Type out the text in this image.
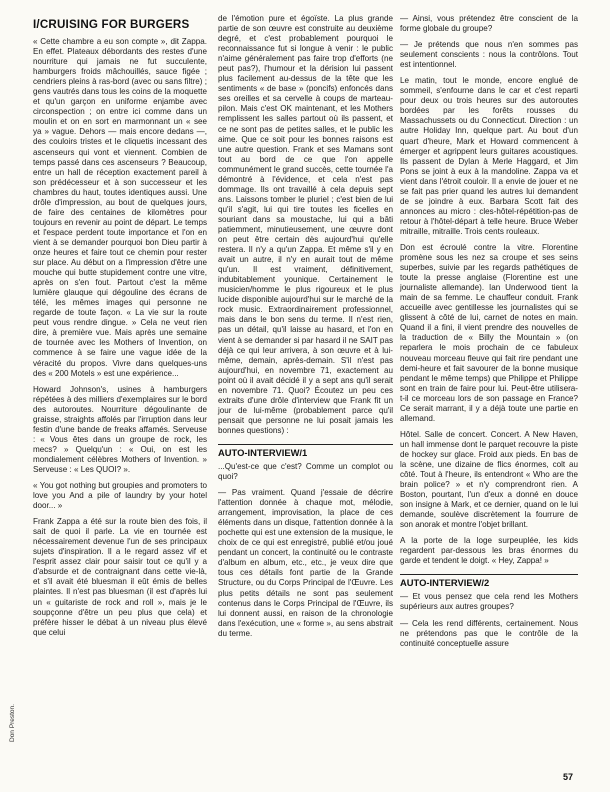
I/CRUISING FOR BURGERS

« Cette chambre a eu son compte », dit Zappa. En effet. Plateaux débordants des restes d'une nourriture qui jamais ne fut succulente, hamburgers froids mâchouillés, sauce figée ; cendriers pleins à ras-bord (avec ou sans filtre) ; gens vautrés dans tous les coins de la moquette et qu'un garçon en uniforme enjambe avec circonspection ; on entre ici comme dans un moulin et on en sort en marmonnant un « see ya » vague. Dehors — mais encore dedans —, des couloirs tristes et le cliquetis incessant des ascenseurs qui vont et viennent. Combien de temps passé dans ces ascenseurs ? Beaucoup, entre un hall de réception exactement pareil à son prédécesseur et à son successeur et les chambres du haut, toutes identiques aussi. Une drôle d'impression, au bout de quelques jours, de faire des centaines de kilomètres pour toujours en revenir au point de départ. Le temps et l'espace perdent toute importance et l'on en vient à se demander pourquoi bon Dieu partir à onze heures et faire tout ce chemin pour rester sur place. Au début on a l'impression d'être une mouche qui butte stupidement contre une vitre, après on s'en fout. Partout c'est la même lumière glauque qui dégouline des écrans de télé, les mêmes images qui personne ne regarde de toute façon. « La vie sur la route peut vous rendre dingue. » Cela ne veut rien dire, à première vue. Mais après une semaine de tournée avec les Mothers of Invention, on commence à se faire une vague idée de la véracité du propos. Vivre dans quelques-uns des « 200 Motels » est une expérience...

Howard Johnson's, usines à hamburgers répétées à des milliers d'exemplaires sur le bord des autoroutes. Nourriture dégoulinante de graisse, straights affolés par l'irruption dans leur festin d'une bande de freaks affamés. Serveuse : « Vous êtes dans un groupe de rock, les mecs? » Quelqu'un : « Oui, on est les mondialement célèbres Mothers of Invention. » Serveuse : « Les QUOI? ».

« You got nothing but groupies and promoters to love you And a pile of laundry by your hotel door... »

Frank Zappa a été sur la route bien des fois, il sait de quoi il parle. La vie en tournée est nécessairement devenue l'un de ses principaux sujets d'inspiration. Il a le regard assez vif et l'esprit assez clair pour saisir tout ce qu'il y a d'absurde et de contraignant dans cette vie-là, et s'il avait été bluesman il eût émis de belles plaintes. Il n'est pas bluesman (il est d'après lui un « guitariste de rock and roll », mais je le soupçonne d'être un peu plus que cela) et préfère hisser le débat à un niveau plus élevé que celui

de l'émotion pure et égoïste. La plus grande partie de son œuvre est construite au deuxième degré, et c'est probablement pourquoi le reconnaissance fut si longue à venir : le public n'aime généralement pas faire trop d'efforts (ne peut pas?), l'humour et la dérision lui passent plus facilement au-dessus de la tête que les sentiments « de base » (poncifs) enfoncés dans ses oreilles et sa cervelle à coups de marteau-pilon. Mais c'est OK maintenant, et les Mothers remplissent les salles partout où ils passent, et ce ne sont pas de petites salles, et le public les aime. Que ce soit pour les bonnes raisons est une autre question. Frank et ses Mamans sont tout au bord de ce que l'on appelle communément le grand succès, cette tournée l'a démontré à l'évidence, et cela n'est pas dommage. Ils ont travaillé à cela depuis sept ans. Laissons tomber le pluriel ; c'est bien de lui qu'il s'agit, lui qui tire toutes les ficelles en souriant dans sa moustache, lui qui a bâti patiemment, minutieusement, une œuvre dont on peut être certain dès aujourd'hui qu'elle restera. Il n'y a qu'un Zappa. Et même s'il y en avait un autre, il n'y en aurait tout de même qu'un. Il est vraiment, définitivement, indubitablement younique. Certainement le musicien/homme le plus rigoureux et le plus lucide disponible aujourd'hui sur le marché de la rock music. Extraordinairement professionnel, mais dans le bon sens du terme. Il n'est rien, pas un détail, qu'il laisse au hasard, et l'on en vient à se demander si par hasard il ne SAIT pas déjà ce qui leur arrivera, à son œuvre et à lui-même, demain, après-demain. S'il n'est pas aujourd'hui, en novembre 71, exactement au point où il avait décidé il y a sept ans qu'il serait en novembre 71. Quoi? Écoutez un peu ces extraits d'une drôle d'interview que Frank fit un jour de lui-même (probablement parce qu'il pensait que personne ne lui posait jamais les bonnes questions) :

AUTO-INTERVIEW/1

...Qu'est-ce que c'est? Comme un complot ou quoi?

— Pas vraiment. Quand j'essaie de décrire l'attention donnée à chaque mot, mélodie, arrangement, improvisation, la place de ces éléments dans un disque, l'attention donnée à la pochette qui est une extension de la musique, le choix de ce qui est enregistré, publié et/ou joué pendant un concert, la continuité ou le contraste d'album en album, etc., etc., je veux dire que tous ces détails font partie de la Grande Structure, ou du Corps Principal de l'Œuvre. Les plus petits détails ne sont pas seulement contenus dans le Corps Principal de l'Œuvre, ils lui donnent aussi, en raison de la chronologie dans l'exécution, une « forme », au sens abstrait du terme.

— Ainsi, vous prétendez être conscient de la forme globale du groupe?

— Je prétends que nous n'en sommes pas seulement conscients : nous la contrôlons. Tout est intentionnel.

Le matin, tout le monde, encore englué de sommeil, s'enfourne dans le car et c'est reparti pour deux ou trois heures sur des autoroutes bordées par les forêts rousses du Massachussets ou du Connecticut. Direction : un autre Holiday Inn, quelque part. Au bout d'un quart d'heure, Mark et Howard commencent à émerger et agrippent leurs guitares acoustiques. Ils passent de Dylan à Merle Haggard, et Jim Pons se joint à eux à la mandoline. Zappa va et vient dans l'étroit couloir. Il a envie de jouer et ne se fait pas prier quand les autres lui demandent de se joindre à eux. Barbara Scott fait des annonces au micro : cles-hôtel-répétition-pas de retour à l'hôtel-départ à telle heure. Bruce Weber mitraille, mitraille. Trois cents rouleaux.

Don est écroulé contre la vitre. Florentine promène sous les nez sa croupe et ses seins superbes, suivie par les regards pathétiques de toute la presse anglaise (Florentine est une journaliste allemande). Ian Underwood tient la main de sa femme. Le chauffeur conduit. Frank accueille avec gentillesse les journalistes qui se glissent à côté de lui, carnet de notes en main. Quand il a fini, il vient prendre des nouvelles de la traduction de « Billy the Mountain » (on reparlera le mois prochain de ce fabuleux nouveau morceau fleuve qui fait rire pendant une demi-heure et fait savourer de la bonne musique pendant le même temps) que Philippe et Philippe sont en train de faire pour lui. Peut-être utilisera-t-il ce morceau lors de son passage en France? Ce serait marrant, il y a déjà toute une partie en allemand.

Hôtel. Salle de concert. Concert. A New Haven, un hall immense dont le parquet recouvre la piste de hockey sur glace. Froid aux pieds. En bas de la scène, une dizaine de flics énormes, colt au côté. Tout à l'heure, ils entendront « Who are the brain police? » et n'y comprendront rien. A Boston, pourtant, l'un d'eux a donné en douce son insigne à Mark, et ce dernier, quand on le lui demande, soulève discrètement la fourrure de son anorak et montre l'objet brillant.

A la porte de la loge surpeuplée, les kids regardent par-dessous les bras énormes du garde et tendent le doigt. « Hey, Zappa! »

AUTO-INTERVIEW/2

— Et vous pensez que cela rend les Mothers supérieurs aux autres groupes?

— Cela les rend différents, certainement. Nous ne prétendons pas que le contrôle de la continuité conceptuelle assure

Don Preston.
57
